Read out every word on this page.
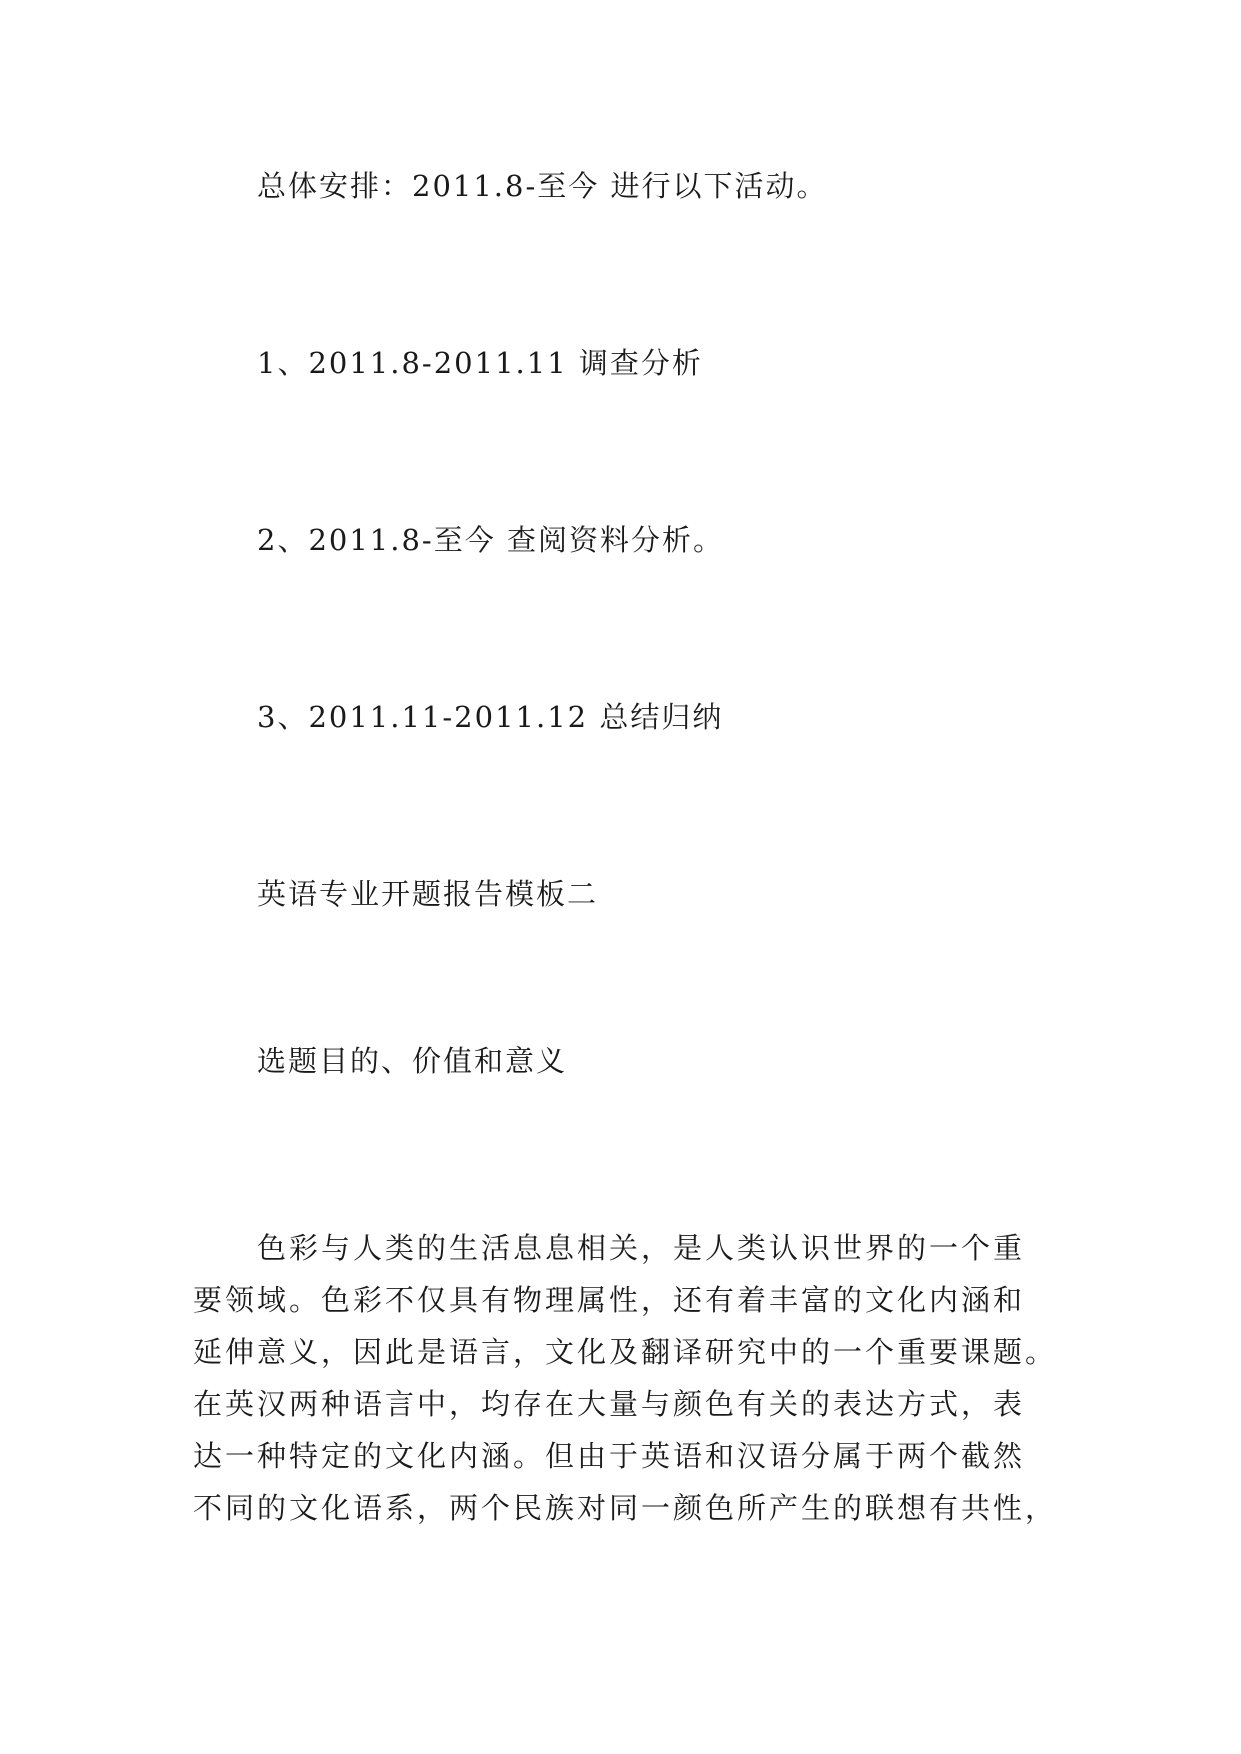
总体安排：2011.8-至今 进行以下活动。
1、2011.8-2011.11 调查分析
2、2011.8-至今 查阅资料分析。
3、2011.11-2011.12 总结归纳
英语专业开题报告模板二
选题目的、价值和意义
色彩与人类的生活息息相关，是人类认识世界的一个重
要领域。色彩不仅具有物理属性，还有着丰富的文化内涵和
延伸意义，因此是语言，文化及翻译研究中的一个重要课题。
在英汉两种语言中，均存在大量与颜色有关的表达方式，表
达一种特定的文化内涵。但由于英语和汉语分属于两个截然
不同的文化语系，两个民族对同一颜色所产生的联想有共性，
